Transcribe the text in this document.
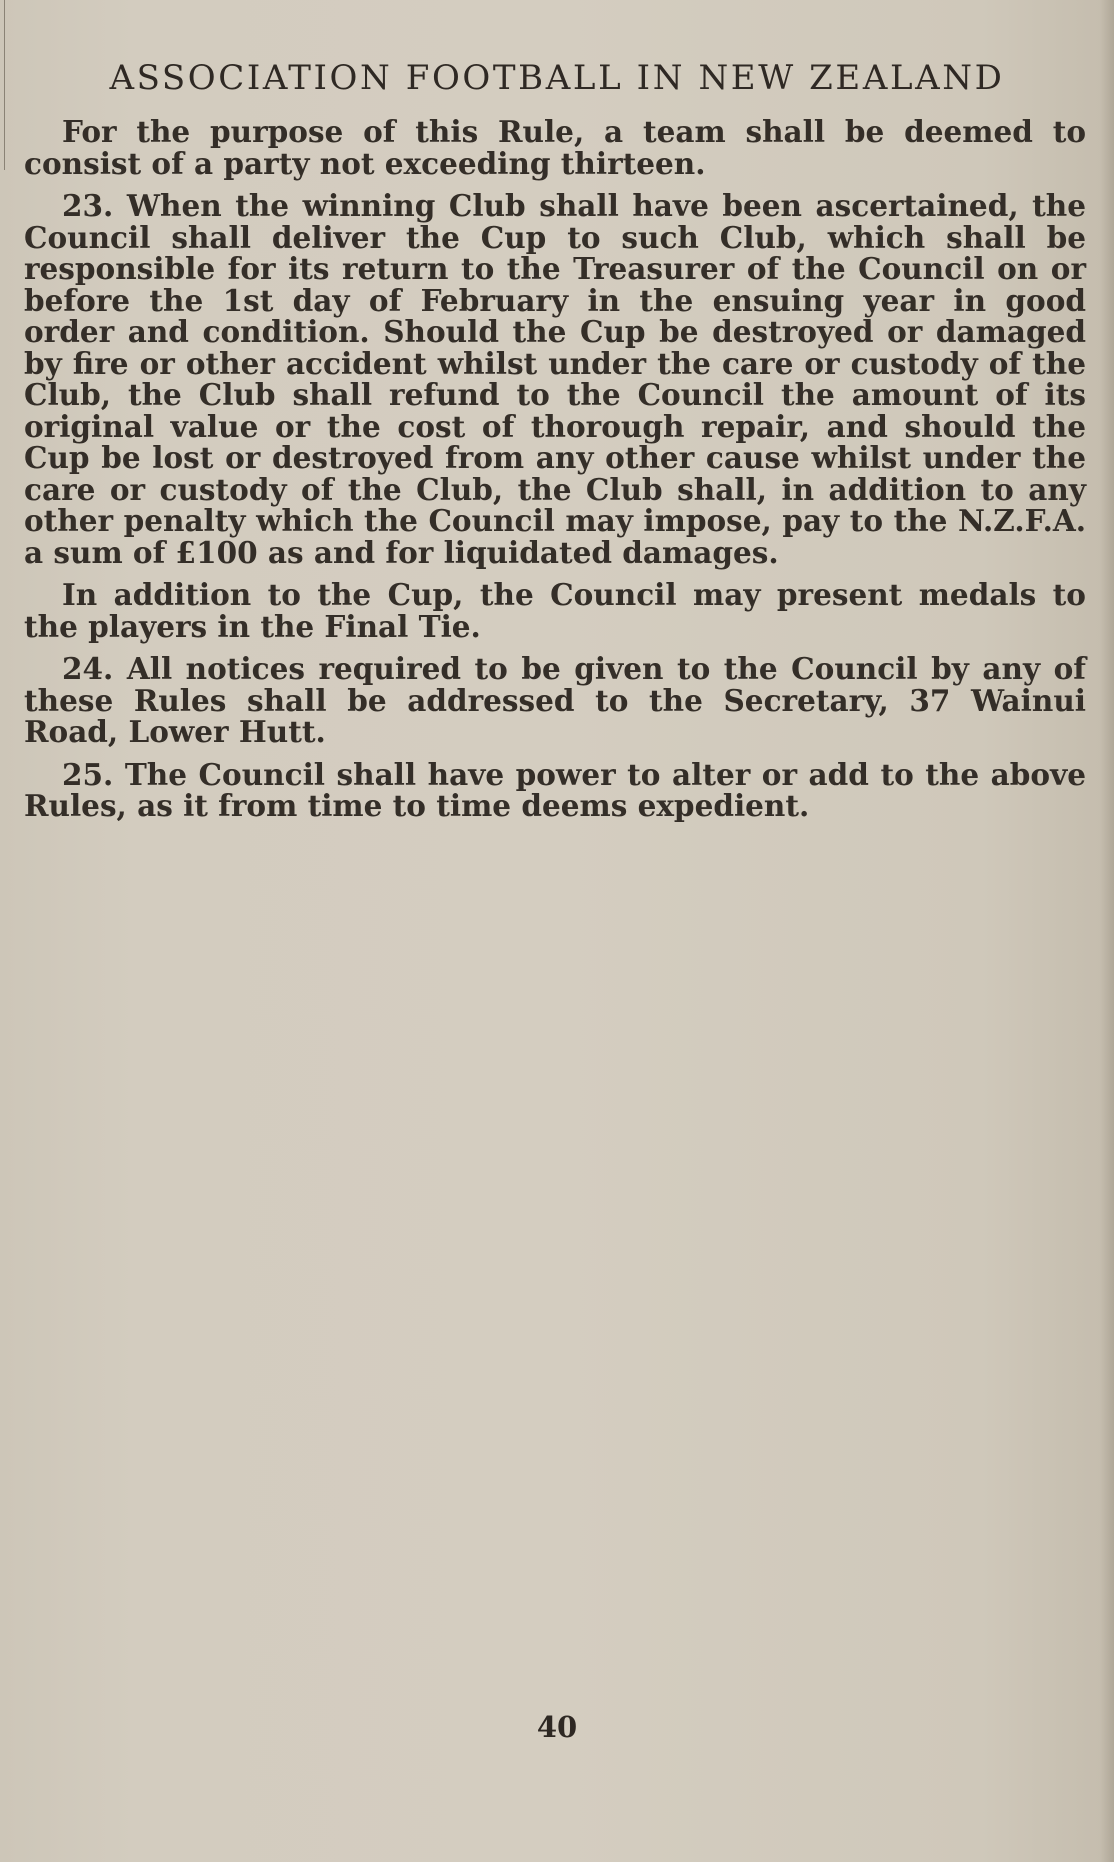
ASSOCIATION FOOTBALL IN NEW ZEALAND

For the purpose of this Rule, a team shall be deemed to consist of a party not exceeding thirteen.

23. When the winning Club shall have been ascertained, the Council shall deliver the Cup to such Club, which shall be responsible for its return to the Treasurer of the Council on or before the 1st day of February in the ensuing year in good order and condition. Should the Cup be destroyed or damaged by fire or other accident whilst under the care or custody of the Club, the Club shall refund to the Council the amount of its original value or the cost of thorough repair, and should the Cup be lost or destroyed from any other cause whilst under the care or custody of the Club, the Club shall, in addition to any other penalty which the Council may impose, pay to the N.Z.F.A. a sum of £100 as and for liquidated damages.

In addition to the Cup, the Council may present medals to the players in the Final Tie.

24. All notices required to be given to the Council by any of these Rules shall be addressed to the Secretary, 37 Wainui Road, Lower Hutt.

25. The Council shall have power to alter or add to the above Rules, as it from time to time deems expedient.

40
